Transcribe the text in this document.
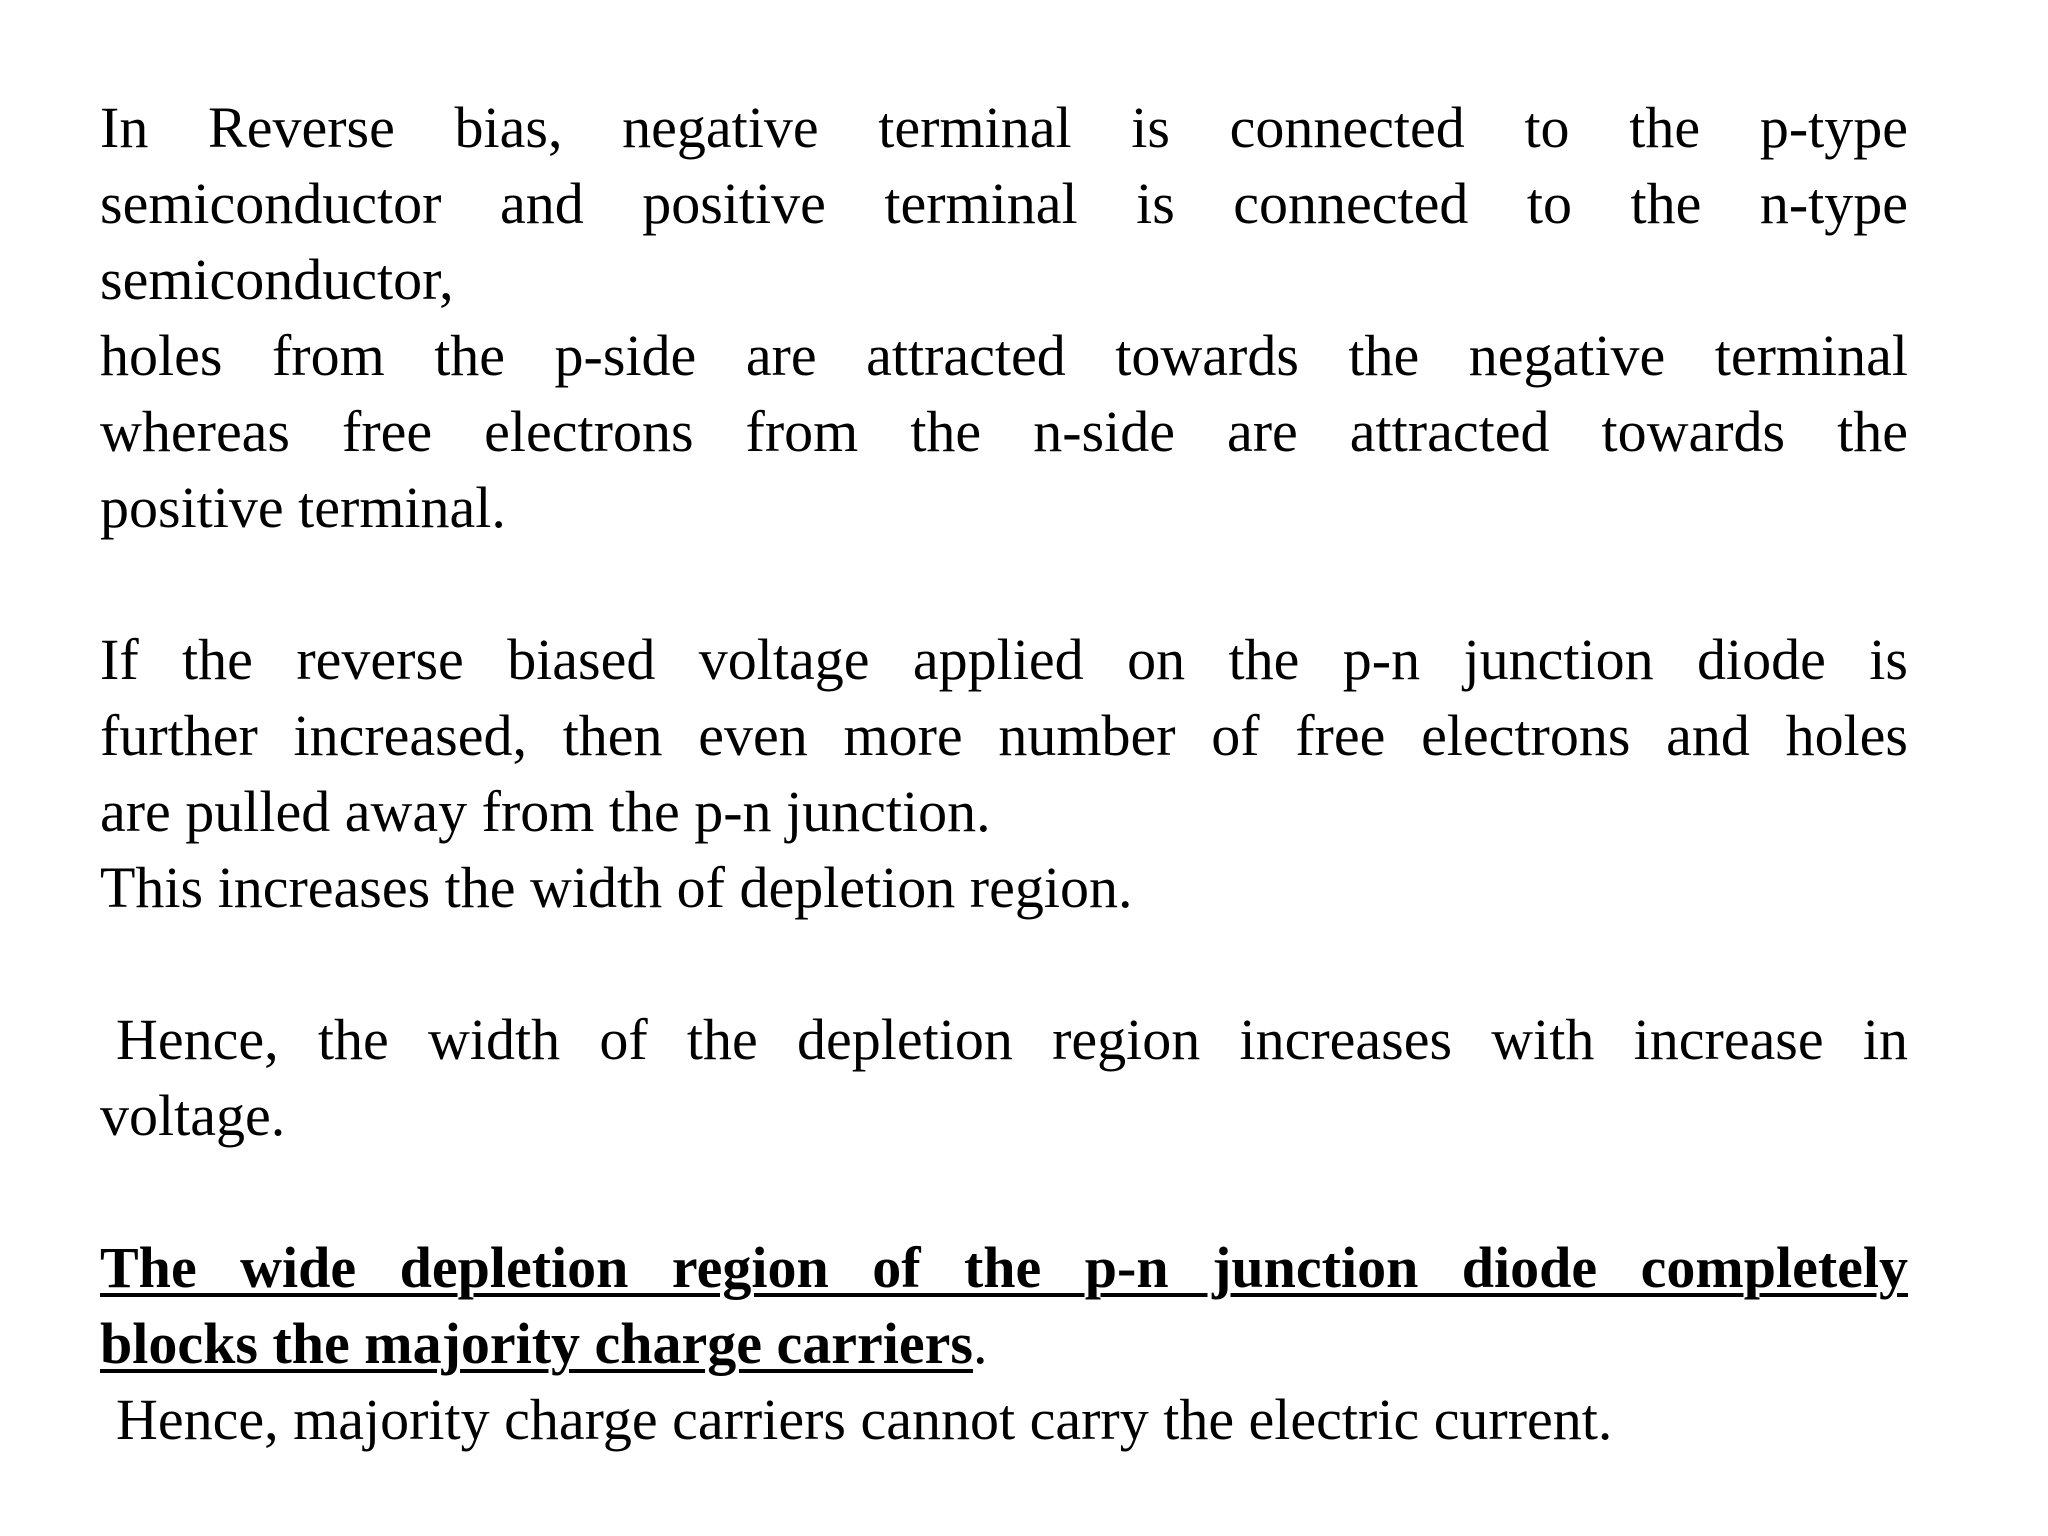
In Reverse bias, negative terminal is connected to the p-type
semiconductor and positive terminal is connected to the n-type
semiconductor,
holes from the p-side are attracted towards the negative terminal
whereas free electrons from the n-side are attracted towards the
positive terminal.
If the reverse biased voltage applied on the p-n junction diode is
further increased, then even more number of free electrons and holes
are pulled away from the p-n junction.
This increases the width of depletion region.
Hence, the width of the depletion region increases with increase in
voltage.
The wide depletion region of the p-n junction diode completely
blocks the majority charge carriers.
Hence, majority charge carriers cannot carry the electric current.
